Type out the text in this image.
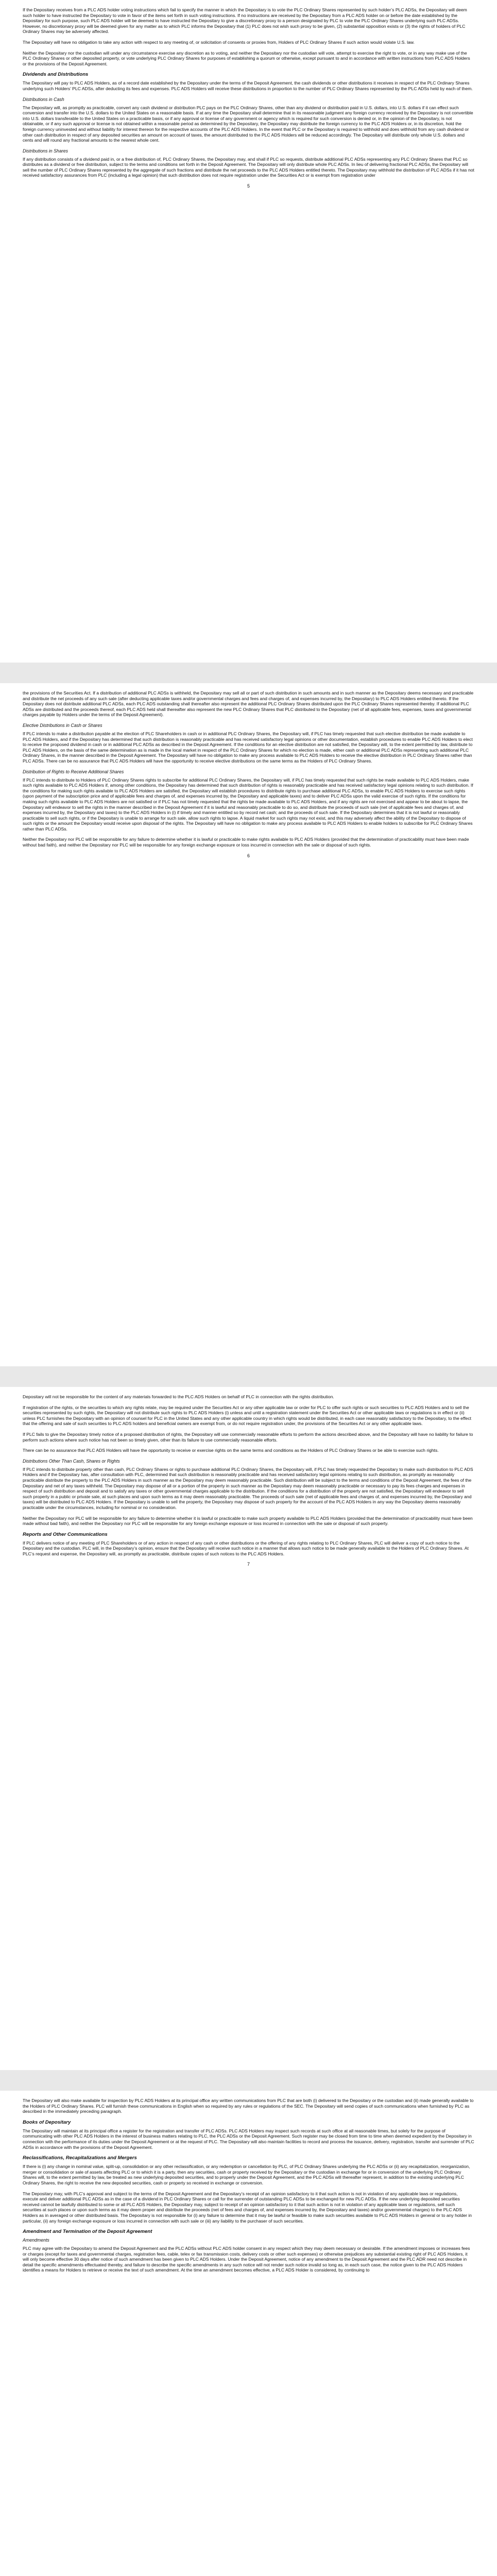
If the Depositary receives from a PLC ADS holder voting instructions which fail to specify the manner in which the Depositary is to vote the PLC Ordinary Shares represented by such holder’s PLC ADSs, the Depositary will deem such holder to have instructed the Depositary to vote in favor of the items set forth in such voting instructions. If no instructions are received by the Depositary from a PLC ADS holder on or before the date established by the Depositary for such purpose, such PLC ADS holder will be deemed to have instructed the Depositary to give a discretionary proxy to a person designated by PLC to vote the PLC Ordinary Shares underlying such PLC ADSs. However, no discretionary proxy will be deemed given for any matter as to which PLC informs the Depositary that (1) PLC does not wish such proxy to be given, (2) substantial opposition exists or (3) the rights of holders of PLC Ordinary Shares may be adversely affected.

The Depositary will have no obligation to take any action with respect to any meeting of, or solicitation of consents or proxies from, Holders of PLC Ordinary Shares if such action would violate U.S. law.

Neither the Depositary nor the custodian will under any circumstance exercise any discretion as to voting, and neither the Depositary nor the custodian will vote, attempt to exercise the right to vote, or in any way make use of the PLC Ordinary Shares or other deposited property, or vote underlying PLC Ordinary Shares for purposes of establishing a quorum or otherwise, except pursuant to and in accordance with written instructions from PLC ADS Holders or the provisions of the Deposit Agreement.

Dividends and Distributions

The Depositary will pay to PLC ADS Holders, as of a record date established by the Depositary under the terms of the Deposit Agreement, the cash dividends or other distributions it receives in respect of the PLC Ordinary Shares underlying such Holders’ PLC ADSs, after deducting its fees and expenses. PLC ADS Holders will receive these distributions in proportion to the number of PLC Ordinary Shares represented by the PLC ADSs held by each of them.

Distributions in Cash

The Depositary will, as promptly as practicable, convert any cash dividend or distribution PLC pays on the PLC Ordinary Shares, other than any dividend or distribution paid in U.S. dollars, into U.S. dollars if it can effect such conversion and transfer into the U.S. dollars to the United States on a reasonable basis. If at any time the Depositary shall determine that in its reasonable judgment any foreign currency received by the Depositary is not convertible into U.S. dollars transferable to the United States on a practicable basis, or if any approval or license of any government or agency which is required for such conversion is denied or, in the opinion of the Depositary, is not obtainable, or if any such approval or license is not obtained within a reasonable period as determined by the Depositary, the Depositary may distribute the foreign currency to the PLC ADS Holders or, in its discretion, hold the foreign currency uninvested and without liability for interest thereon for the respective accounts of the PLC ADS Holders. In the event that PLC or the Depositary is required to withhold and does withhold from any cash dividend or other cash distribution in respect of any deposited securities an amount on account of taxes, the amount distributed to the PLC ADS Holders will be reduced accordingly. The Depositary will distribute only whole U.S. dollars and cents and will round any fractional amounts to the nearest whole cent.

Distributions in Shares

If any distribution consists of a dividend paid in, or a free distribution of, PLC Ordinary Shares, the Depositary may, and shall if PLC so requests, distribute additional PLC ADSs representing any PLC Ordinary Shares that PLC so distributes as a dividend or free distribution, subject to the terms and conditions set forth in the Deposit Agreement. The Depositary will only distribute whole PLC ADSs. In lieu of delivering fractional PLC ADSs, the Depositary will sell the number of PLC Ordinary Shares represented by the aggregate of such fractions and distribute the net proceeds to the PLC ADS Holders entitled thereto. The Depositary may withhold the distribution of PLC ADSs if it has not received satisfactory assurances from PLC (including a legal opinion) that such distribution does not require registration under the Securities Act or is exempt from registration under

5

the provisions of the Securities Act. If a distribution of additional PLC ADSs is withheld, the Depositary may sell all or part of such distribution in such amounts and in such manner as the Depositary deems necessary and practicable and distribute the net proceeds of any such sale (after deducting applicable taxes and/or governmental charges and fees and charges of, and expenses incurred by, the Depositary) to PLC ADS Holders entitled thereto. If the Depositary does not distribute additional PLC ADSs, each PLC ADS outstanding shall thereafter also represent the additional PLC Ordinary Shares distributed upon the PLC Ordinary Shares represented thereby. If additional PLC ADSs are distributed and the proceeds thereof, each PLC ADS held shall thereafter also represent the new PLC Ordinary Shares that PLC distributed to the Depositary (net of all applicable fees, expenses, taxes and governmental charges payable by Holders under the terms of the Deposit Agreement).

Elective Distributions in Cash or Shares

If PLC intends to make a distribution payable at the election of PLC Shareholders in cash or in additional PLC Ordinary Shares, the Depositary will, if PLC has timely requested that such elective distribution be made available to PLC ADS Holders, and if the Depositary has determined that such distribution is reasonably practicable and has received satisfactory legal opinions or other documentation, establish procedures to enable PLC ADS Holders to elect to receive the proposed dividend in cash or in additional PLC ADSs as described in the Deposit Agreement. If the conditions for an elective distribution are not satisfied, the Depositary will, to the extent permitted by law, distribute to PLC ADS Holders, on the basis of the same determination as is made in the local market in respect of the PLC Ordinary Shares for which no election is made, either cash or additional PLC ADSs representing such additional PLC Ordinary Shares, in the manner described in the Deposit Agreement. The Depositary will have no obligation to make any process available to PLC ADS Holders to receive the elective distribution in PLC Ordinary Shares rather than PLC ADSs. There can be no assurance that PLC ADS Holders will have the opportunity to receive elective distributions on the same terms as the Holders of PLC Ordinary Shares.

Distribution of Rights to Receive Additional Shares

If PLC intends to distribute to Holders of PLC Ordinary Shares rights to subscribe for additional PLC Ordinary Shares, the Depositary will, if PLC has timely requested that such rights be made available to PLC ADS Holders, make such rights available to PLC ADS Holders if, among other conditions, the Depositary has determined that such distribution of rights is reasonably practicable and has received satisfactory legal opinions relating to such distribution. If the conditions for making such rights available to PLC ADS Holders are satisfied, the Depositary will establish procedures to distribute rights to purchase additional PLC ADSs, to enable PLC ADS Holders to exercise such rights (upon payment of the subscription price and of applicable fees and charges of, and expenses incurred by, the Depositary and applicable taxes) and to deliver PLC ADSs upon the valid exercise of such rights. If the conditions for making such rights available to PLC ADS Holders are not satisfied or if PLC has not timely requested that the rights be made available to PLC ADS Holders, and if any rights are not exercised and appear to be about to lapse, the Depositary will endeavor to sell the rights in the manner described in the Deposit Agreement if it is lawful and reasonably practicable to do so, and distribute the proceeds of such sale (net of applicable fees and charges of, and expenses incurred by, the Depositary and taxes) to the PLC ADS Holders in (i) if timely and manner entitled so by record net cash; and the proceeds of such sale. If the Depositary determines that it is not lawful or reasonably practicable to sell such rights, or if the Depositary is unable to arrange for such sale, allow such rights to lapse. A liquid market for such rights may not exist, and this may adversely affect the ability of the Depositary to dispose of such rights or the amount the Depositary would receive upon disposal of the rights. The Depositary will have no obligation to make any process available to PLC ADS Holders to enable holders to subscribe for PLC Ordinary Shares rather than PLC ADSs.

Neither the Depositary nor PLC will be responsible for any failure to determine whether it is lawful or practicable to make rights available to PLC ADS Holders (provided that the determination of practicability must have been made without bad faith), and neither the Depositary nor PLC will be responsible for any foreign exchange exposure or loss incurred in connection with the sale or disposal of such rights.

6

Depositary will not be responsible for the content of any materials forwarded to the PLC ADS Holders on behalf of PLC in connection with the rights distribution.

If registration of the rights, or the securities to which any rights relate, may be required under the Securities Act or any other applicable law or order for PLC to offer such rights or such securities to PLC ADS Holders and to sell the securities represented by such rights, the Depositary will not distribute such rights to PLC ADS Holders (i) unless and until a registration statement under the Securities Act or other applicable laws or regulations is in effect or (ii) unless PLC furnishes the Depositary with an opinion of counsel for PLC in the United States and any other applicable country in which rights would be distributed, in each case reasonably satisfactory to the Depositary, to the effect that the offering and sale of such securities to PLC ADS holders and beneficial owners are exempt from, or do not require registration under, the provisions of the Securities Act or any other applicable laws.

If PLC fails to give the Depositary timely notice of a proposed distribution of rights, the Depositary will use commercially reasonable efforts to perform the actions described above, and the Depositary will have no liability for failure to perform such actions where such notice has not been so timely given, other than its failure to use commercially reasonable efforts.

There can be no assurance that PLC ADS Holders will have the opportunity to receive or exercise rights on the same terms and conditions as the Holders of PLC Ordinary Shares or be able to exercise such rights.

Distributions Other Than Cash, Shares or Rights

If PLC intends to distribute property other than cash, PLC Ordinary Shares or rights to purchase additional PLC Ordinary Shares, the Depositary will, if PLC has timely requested the Depositary to make such distribution to PLC ADS Holders and if the Depositary has, after consultation with PLC, determined that such distribution is reasonably practicable and has received satisfactory legal opinions relating to such distribution, as promptly as reasonably practicable distribute the property to the PLC ADS Holders in such manner as the Depositary may deem reasonably practicable. Such distribution will be subject to the terms and conditions of the Deposit Agreement, the fees of the Depositary and net of any taxes withheld. The Depositary may dispose of all or a portion of the property in such manner as the Depositary may deem reasonably practicable or necessary to pay its fees charges and expenses in respect of such distribution and deposit and to satisfy any taxes or other governmental charges applicable to the distribution. If the conditions for a distribution of the property are not satisfied, the Depositary will endeavor to sell such property in a public or private sale, at such places and upon such terms as it may deem reasonably practicable. The proceeds of such sale (net of applicable fees and charges of, and expenses incurred by, the Depositary and taxes) will be distributed to PLC ADS Holders. If the Depositary is unable to sell the property, the Depositary may dispose of such property for the account of the PLC ADS Holders in any way the Depositary deems reasonably practicable under the circumstances, including for nominal or no consideration.

Neither the Depositary nor PLC will be responsible for any failure to determine whether it is lawful or practicable to make such property available to PLC ADS Holders (provided that the determination of practicability must have been made without bad faith), and neither the Depositary nor PLC will be responsible for any foreign exchange exposure or loss incurred in connection with the sale or disposal of such property.

Reports and Other Communications

If PLC delivers notice of any meeting of PLC Shareholders or of any action in respect of any cash or other distributions or the offering of any rights relating to PLC Ordinary Shares, PLC will deliver a copy of such notice to the Depositary and the custodian. PLC will, in the Depositary’s opinion, ensure that the Depositary will receive such notice in a manner that allows such notice to be made generally available to the Holders of PLC Ordinary Shares. At PLC’s request and expense, the Depositary will, as promptly as practicable, distribute copies of such notices to the PLC ADS Holders.

7

The Depositary will also make available for inspection by PLC ADS Holders at its principal office any written communications from PLC that are both (i) delivered to the Depositary or the custodian and (ii) made generally available to the Holders of PLC Ordinary Shares. PLC will furnish these communications in English when so required by any rules or regulations of the SEC. The Depositary will send copies of such communications when furnished by PLC as described in the immediately preceding paragraph.

Books of Depositary

The Depositary will maintain at its principal office a register for the registration and transfer of PLC ADSs. PLC ADS Holders may inspect such records at such office at all reasonable times, but solely for the purpose of communicating with other PLC ADS Holders in the interest of business matters relating to PLC, the PLC ADSs or the Deposit Agreement. Such register may be closed from time to time when deemed expedient by the Depositary in connection with the performance of its duties under the Deposit Agreement or at the request of PLC. The Depositary will also maintain facilities to record and process the issuance, delivery, registration, transfer and surrender of PLC ADSs in accordance with the provisions of the Deposit Agreement.

Reclassifications, Recapitalizations and Mergers

If there is (i) any change in nominal value, split-up, consolidation or any other reclassification, or any redemption or cancellation by PLC, of PLC Ordinary Shares underlying the PLC ADSs or (ii) any recapitalization, reorganization, merger or consolidation or sale of assets affecting PLC or to which it is a party, then any securities, cash or property received by the Depositary or the custodian in exchange for or in conversion of the underlying PLC Ordinary Shares will, to the extent permitted by law, be treated as new underlying deposited securities, and to properly under the Deposit Agreement, and the PLC ADSs will thereafter represent, in addition to the existing underlying PLC Ordinary Shares, the right to receive the new deposited securities, cash or property so received in exchange or conversion.

The Depositary may, with PLC’s approval and subject to the terms of the Deposit Agreement and the Depositary’s receipt of an opinion satisfactory to it that such action is not in violation of any applicable laws or regulations, execute and deliver additional PLC ADSs as in the case of a dividend in PLC Ordinary Shares or call for the surrender of outstanding PLC ADSs to be exchanged for new PLC ADSs. If the new underlying deposited securities received cannot be lawfully distributed to some or all PLC ADS Holders, the Depositary may, subject to receipt of an opinion satisfactory to it that such action is not in violation of any applicable laws or regulations, sell such securities at such places or upon such terms as it may deem proper and distribute the proceeds (net of fees and charges of, and expenses incurred by, the Depositary and taxes) and/or governmental charges) to the PLC ADS Holders as in averaged or other distributed basis. The Depositary is not responsible for (i) any failure to determine that it may be lawful or feasible to make such securities available to PLC ADS Holders in general or to any holder in particular, (ii) any foreign exchange exposure or loss incurred in connection with such sale or (iii) any liability to the purchaser of such securities.

Amendment and Termination of the Deposit Agreement
Amendments

PLC may agree with the Depositary to amend the Deposit Agreement and the PLC ADSs without PLC ADS holder consent in any respect which they may deem necessary or desirable. If the amendment imposes or increases fees or charges (except for taxes and governmental charges, registration fees, cable, telex or fax transmission costs, delivery costs or other such expenses) or otherwise prejudices any substantial existing right of PLC ADS Holders, it will only become effective 30 days after notice of such amendment has been given to PLC ADS Holders. Under the Deposit Agreement, notice of any amendment to the Deposit Agreement and the PLC ADR need not describe in detail the specific amendments effectuated thereby, and failure to describe the specific amendments in any such notice will not render such notice invalid so long as, in each such case, the notice given to the PLC ADS Holders identifies a means for Holders to retrieve or receive the text of such amendment. At the time an amendment becomes effective, a PLC ADS Holder is considered, by continuing to
